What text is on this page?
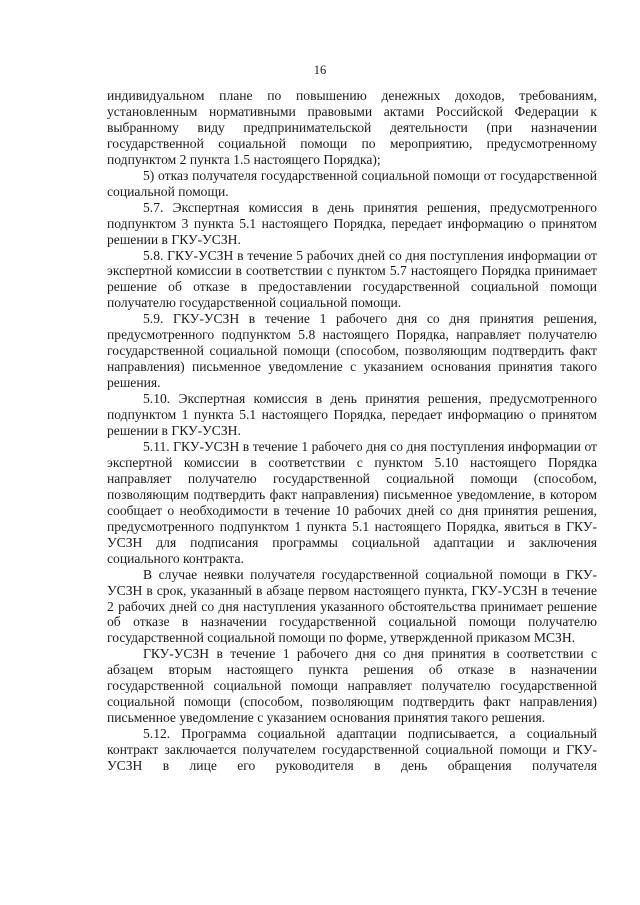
16

индивидуальном плане по повышению денежных доходов, требованиям, установленным нормативными правовыми актами Российской Федерации к выбранному виду предпринимательской деятельности (при назначении государственной социальной помощи по мероприятию, предусмотренному подпунктом 2 пункта 1.5 настоящего Порядка);

5) отказ получателя государственной социальной помощи от государственной социальной помощи.

5.7. Экспертная комиссия в день принятия решения, предусмотренного подпунктом 3 пункта 5.1 настоящего Порядка, передает информацию о принятом решении в ГКУ-УСЗН.

5.8. ГКУ-УСЗН в течение 5 рабочих дней со дня поступления информации от экспертной комиссии в соответствии с пунктом 5.7 настоящего Порядка принимает решение об отказе в предоставлении государственной социальной помощи получателю государственной социальной помощи.

5.9. ГКУ-УСЗН в течение 1 рабочего дня со дня принятия решения, предусмотренного подпунктом 5.8 настоящего Порядка, направляет получателю государственной социальной помощи (способом, позволяющим подтвердить факт направления) письменное уведомление с указанием основания принятия такого решения.

5.10. Экспертная комиссия в день принятия решения, предусмотренного подпунктом 1 пункта 5.1 настоящего Порядка, передает информацию о принятом решении в ГКУ-УСЗН.

5.11. ГКУ-УСЗН в течение 1 рабочего дня со дня поступления информации от экспертной комиссии в соответствии с пунктом 5.10 настоящего Порядка направляет получателю государственной социальной помощи (способом, позволяющим подтвердить факт направления) письменное уведомление, в котором сообщает о необходимости в течение 10 рабочих дней со дня принятия решения, предусмотренного подпунктом 1 пункта 5.1 настоящего Порядка, явиться в ГКУ-УСЗН для подписания программы социальной адаптации и заключения социального контракта.

В случае неявки получателя государственной социальной помощи в ГКУ-УСЗН в срок, указанный в абзаце первом настоящего пункта, ГКУ-УСЗН в течение 2 рабочих дней со дня наступления указанного обстоятельства принимает решение об отказе в назначении государственной социальной помощи получателю государственной социальной помощи по форме, утвержденной приказом МСЗН.

ГКУ-УСЗН в течение 1 рабочего дня со дня принятия в соответствии с абзацем вторым настоящего пункта решения об отказе в назначении государственной социальной помощи направляет получателю государственной социальной помощи (способом, позволяющим подтвердить факт направления) письменное уведомление с указанием основания принятия такого решения.

5.12. Программа социальной адаптации подписывается, а социальный контракт заключается получателем государственной социальной помощи и ГКУ-УСЗН в лице его руководителя в день обращения получателя
